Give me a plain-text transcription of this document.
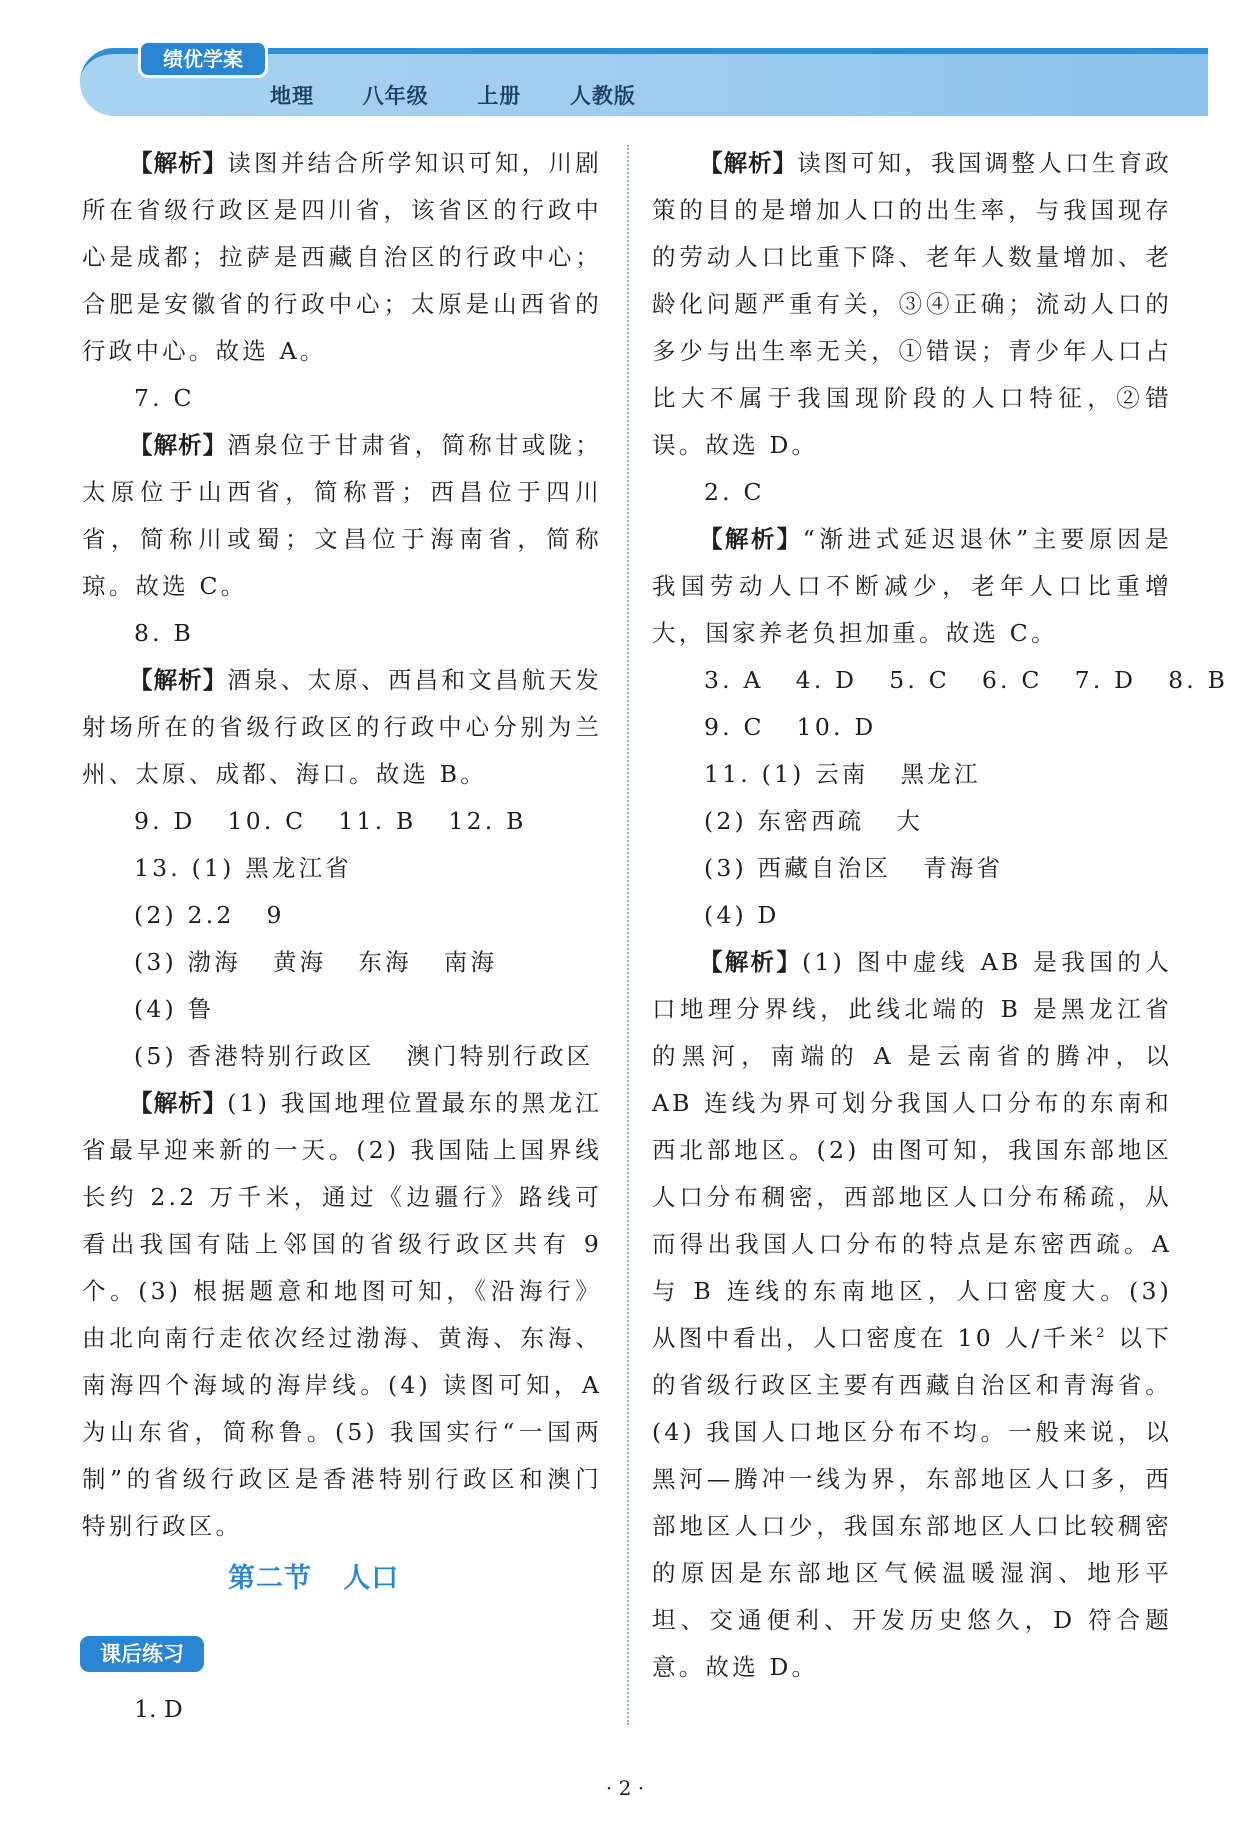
绩优学案
地理  八年级  上册  人教版

【解析】读图并结合所学知识可知，川剧所在省级行政区是四川省，该省区的行政中心是成都；拉萨是西藏自治区的行政中心；合肥是安徽省的行政中心；太原是山西省的行政中心。故选 A。

7. C

【解析】酒泉位于甘肃省，简称甘或陇；太原位于山西省，简称晋；西昌位于四川省，简称川或蜀；文昌位于海南省，简称琼。故选 C。

8. B

【解析】酒泉、太原、西昌和文昌航天发射场所在的省级行政区的行政中心分别为兰州、太原、成都、海口。故选 B。

9. D   10. C   11. B   12. B

13. (1) 黑龙江省

(2) 2.2   9

(3) 渤海   黄海   东海   南海

(4) 鲁

(5) 香港特别行政区   澳门特别行政区

【解析】(1) 我国地理位置最东的黑龙江省最早迎来新的一天。(2) 我国陆上国界线长约 2.2 万千米，通过《边疆行》路线可看出我国有陆上邻国的省级行政区共有 9 个。(3) 根据题意和地图可知，《沿海行》由北向南行走依次经过渤海、黄海、东海、南海四个海域的海岸线。(4) 读图可知，A 为山东省，简称鲁。(5) 我国实行“一国两制”的省级行政区是香港特别行政区和澳门特别行政区。

第二节   人口
课后练习
1. D

【解析】读图可知，我国调整人口生育政策的目的是增加人口的出生率，与我国现存的劳动人口比重下降、老年人数量增加、老龄化问题严重有关，③④正确；流动人口的多少与出生率无关，①错误；青少年人口占比大不属于我国现阶段的人口特征，②错误。故选 D。

2. C

【解析】“渐进式延迟退休”主要原因是我国劳动人口不断减少，老年人口比重增大，国家养老负担加重。故选 C。

3. A   4. D   5. C   6. C   7. D   8. B

9. C   10. D

11. (1) 云南   黑龙江

(2) 东密西疏   大

(3) 西藏自治区   青海省

(4) D

【解析】(1) 图中虚线 AB 是我国的人口地理分界线，此线北端的 B 是黑龙江省的黑河，南端的 A 是云南省的腾冲，以 AB 连线为界可划分我国人口分布的东南和西北部地区。(2) 由图可知，我国东部地区人口分布稠密，西部地区人口分布稀疏，从而得出我国人口分布的特点是东密西疏。A 与 B 连线的东南地区，人口密度大。(3) 从图中看出，人口密度在 10 人/千米$^2$ 以下的省级行政区主要有西藏自治区和青海省。(4) 我国人口地区分布不均。一般来说，以黑河—腾冲一线为界，东部地区人口多，西部地区人口少，我国东部地区人口比较稠密的原因是东部地区气候温暖湿润、地形平坦、交通便利、开发历史悠久，D 符合题意。故选 D。

· 2 ·
